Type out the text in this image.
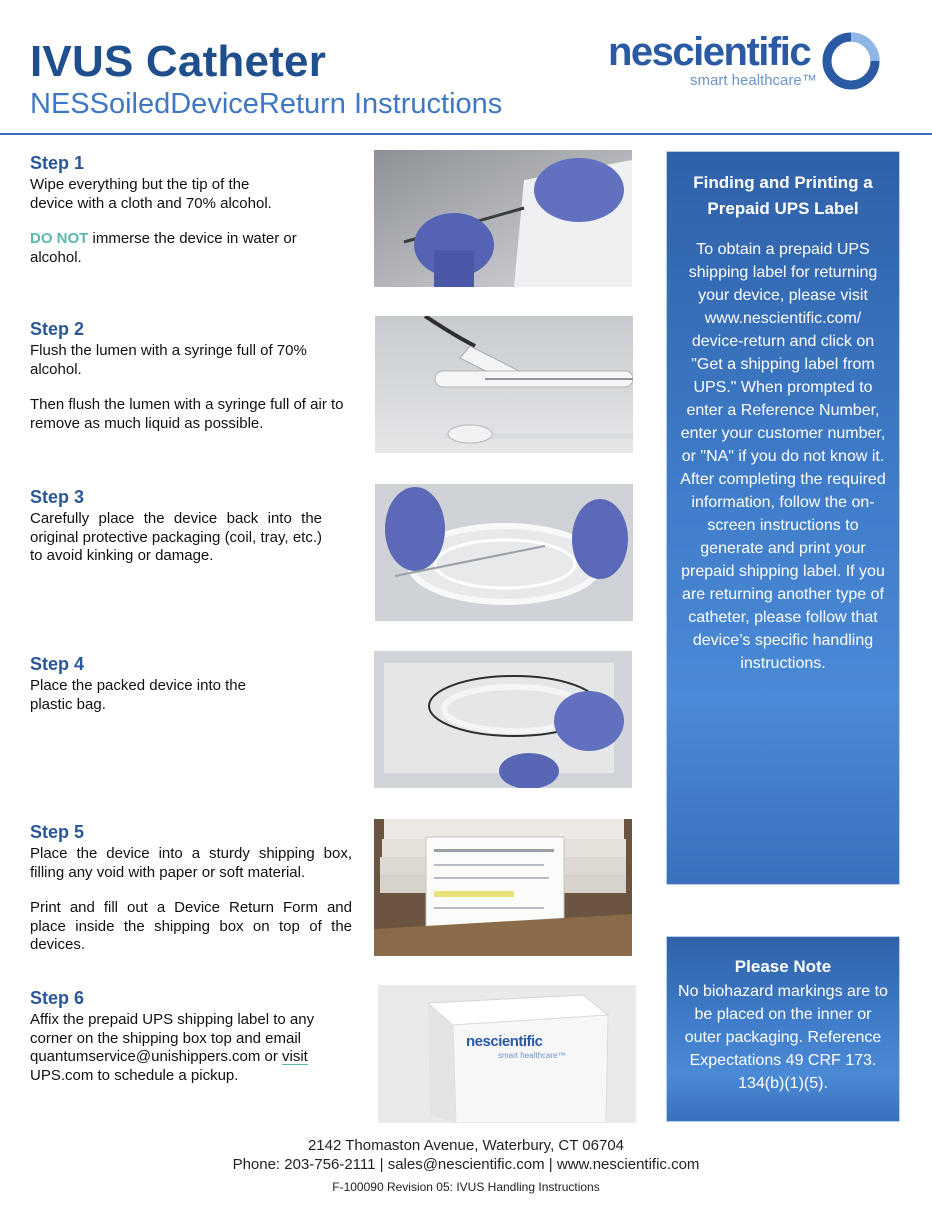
IVUS Catheter
NESSoiledDeviceReturn Instructions
nescientific
smart healthcare™
Step 1

Wipe everything but the tip of the device with a cloth and 70% alcohol.

DO NOT immerse the device in water or alcohol.

Step 2

Flush the lumen with a syringe full of 70% alcohol.

Then flush the lumen with a syringe full of air to remove as much liquid as possible.

Step 3

Carefully place the device back into the original protective packaging (coil, tray, etc.) to avoid kinking or damage.

Step 4

Place the packed device into the plastic bag.

Step 5

Place the device into a sturdy shipping box, filling any void with paper or soft material.

Print and fill out a Device Return Form and place inside the shipping box on top of the devices.

Step 6

Affix the prepaid UPS shipping label to any corner on the shipping box top and email quantumservice@unishippers.com or visit UPS.com to schedule a pickup.

nescientific
smart healthcare™
Finding and Printing a Prepaid UPS Label
To obtain a prepaid UPS shipping label for returning your device, please visit www.nescientific.com/ device-return and click on "Get a shipping label from UPS." When prompted to enter a Reference Number, enter your customer number, or "NA" if you do not know it. After completing the required information, follow the on-screen instructions to generate and print your prepaid shipping label. If you are returning another type of catheter, please follow that device’s specific handling instructions.
Please Note
No biohazard markings are to be placed on the inner or outer packaging. Reference Expectations 49 CRF 173. 134(b)(1)(5).
2142 Thomaston Avenue, Waterbury, CT 06704
Phone: 203-756-2111 | sales@nescientific.com | www.nescientific.com
F-100090 Revision 05: IVUS Handling Instructions
